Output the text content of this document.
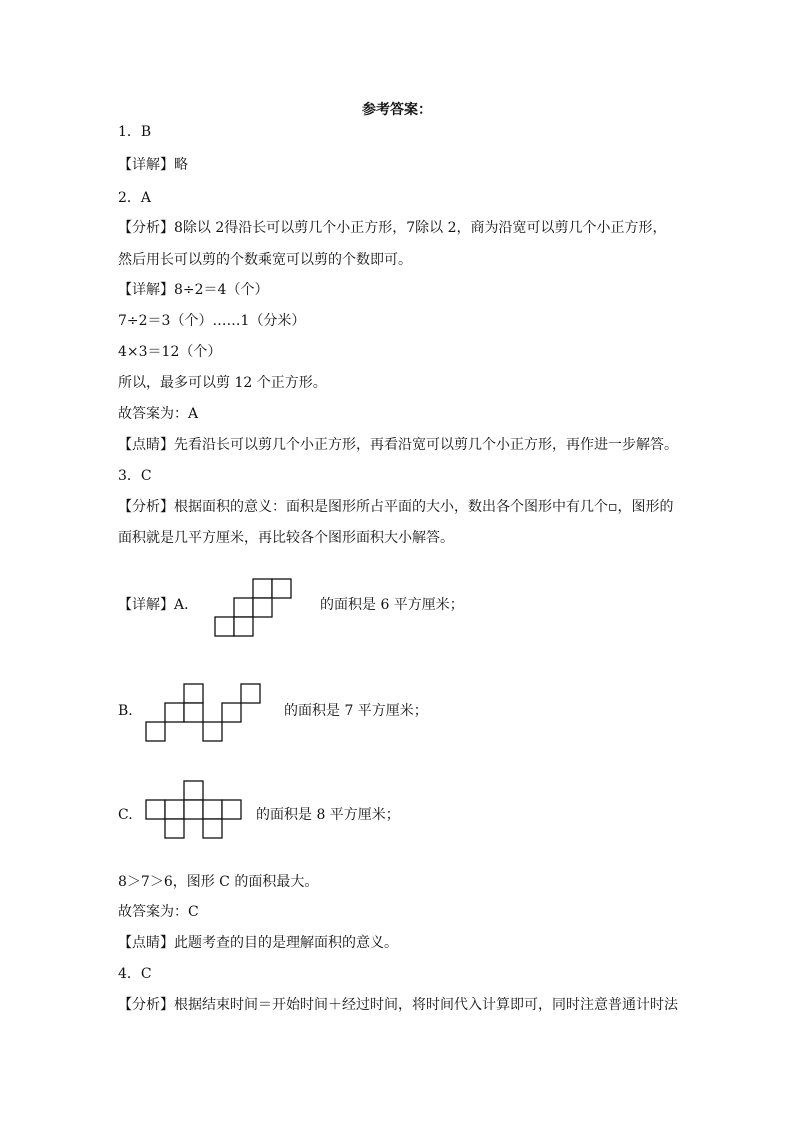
参考答案：
1．B
【详解】略
2．A
【分析】8除以 2得沿长可以剪几个小正方形，7除以 2，商为沿宽可以剪几个小正方形，
然后用长可以剪的个数乘宽可以剪的个数即可。
【详解】8÷2＝4（个）
7÷2＝3（个）……1（分米）
4×3＝12（个）
所以，最多可以剪 12 个正方形。
故答案为：A
【点睛】先看沿长可以剪几个小正方形，再看沿宽可以剪几个小正方形，再作进一步解答。
3．C
【分析】根据面积的意义：面积是图形所占平面的大小，数出各个图形中有几个▫，图形的
面积就是几平方厘米，再比较各个图形面积大小解答。
【详解】A．	的面积是 6 平方厘米；
B.	的面积是 7 平方厘米；
C.	的面积是 8 平方厘米；
8＞7＞6，图形 C 的面积最大。
故答案为：C
【点睛】此题考查的目的是理解面积的意义。
4．C
【分析】根据结束时间＝开始时间＋经过时间，将时间代入计算即可，同时注意普通计时法
